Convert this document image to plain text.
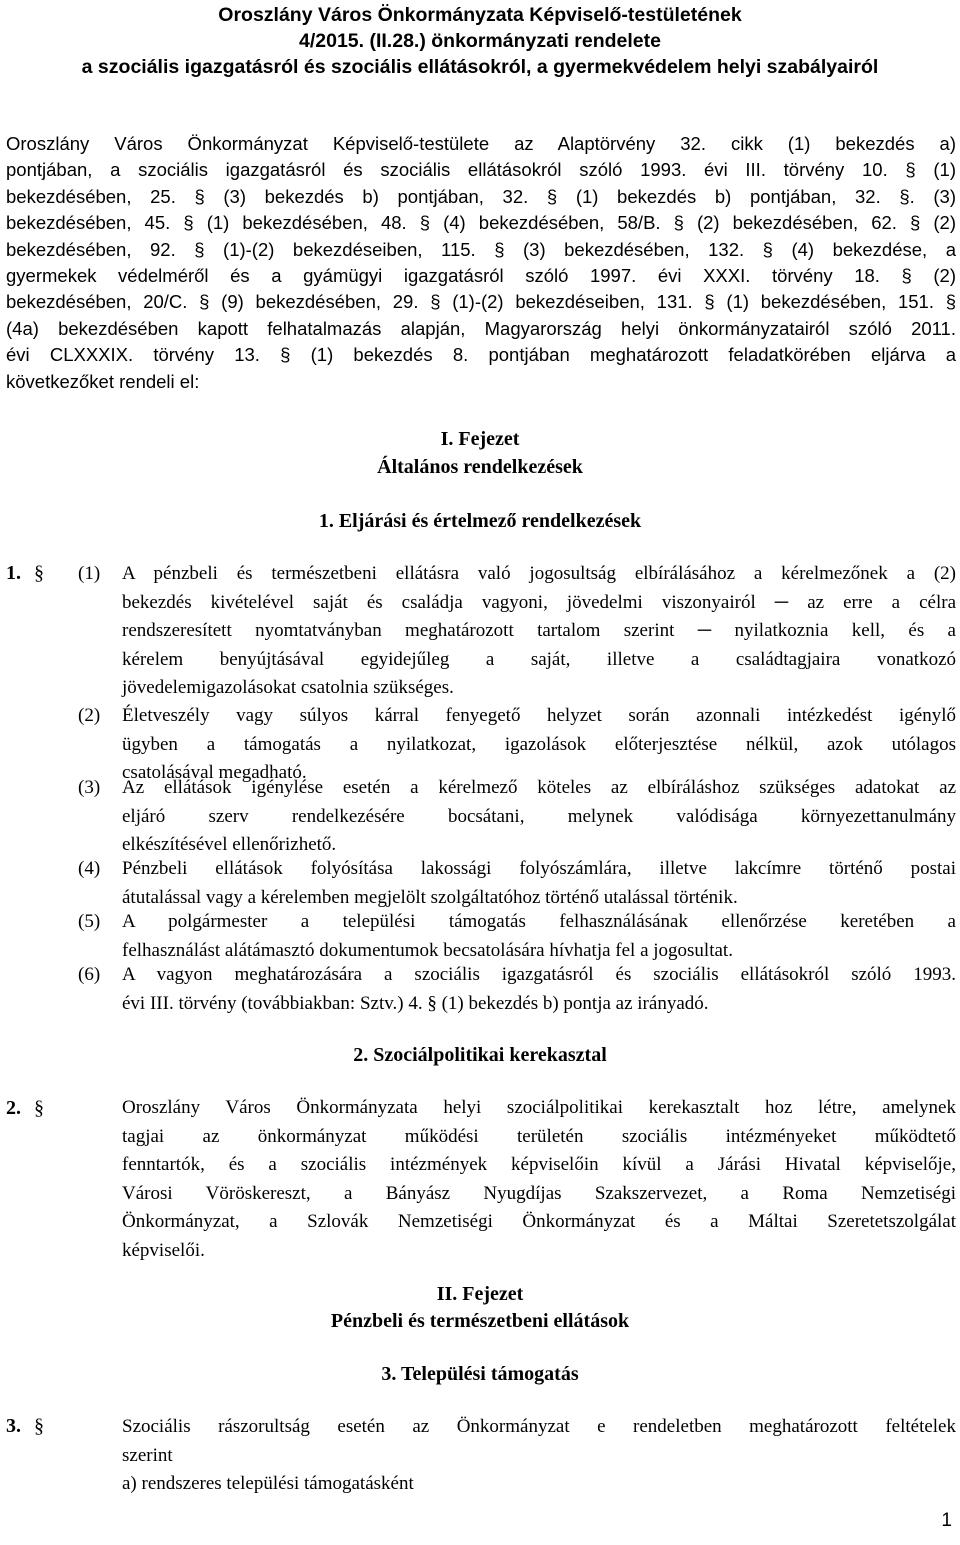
Oroszlány Város Önkormányzata Képviselő-testületének
4/2015. (II.28.) önkormányzati rendelete
a szociális igazgatásról és szociális ellátásokról, a gyermekvédelem helyi szabályairól
Oroszlány Város Önkormányzat Képviselő-testülete az Alaptörvény 32. cikk (1) bekezdés a)
pontjában, a szociális igazgatásról és szociális ellátásokról szóló 1993. évi III. törvény 10. § (1)
bekezdésében, 25. § (3) bekezdés b) pontjában, 32. § (1) bekezdés b) pontjában, 32. §. (3)
bekezdésében, 45. § (1) bekezdésében, 48. § (4) bekezdésében, 58/B. § (2) bekezdésében, 62. § (2)
bekezdésében, 92. § (1)-(2) bekezdéseiben, 115. § (3) bekezdésében, 132. § (4) bekezdése, a
gyermekek védelméről és a gyámügyi igazgatásról szóló 1997. évi XXXI. törvény 18. § (2)
bekezdésében, 20/C. § (9) bekezdésében, 29. § (1)-(2) bekezdéseiben, 131. § (1) bekezdésében, 151. §
(4a) bekezdésében kapott felhatalmazás alapján, Magyarország helyi önkormányzatairól szóló 2011.
évi CLXXXIX. törvény 13. § (1) bekezdés 8. pontjában meghatározott feladatkörében eljárva a
következőket rendeli el:
I. Fejezet
Általános rendelkezések
1. Eljárási és értelmező rendelkezések
1. § (1) A pénzbeli és természetbeni ellátásra való jogosultság elbírálásához a kérelmezőnek a (2)
bekezdés kivételével saját és családja vagyoni, jövedelmi viszonyairól ─ az erre a célra
rendszeresített nyomtatványban meghatározott tartalom szerint ─ nyilatkoznia kell, és a
kérelem benyújtásával egyidejűleg a saját, illetve a családtagjaira vonatkozó
jövedelemigazolásokat csatolnia szükséges.
(2) Életveszély vagy súlyos kárral fenyegető helyzet során azonnali intézkedést igénylő
ügyben a támogatás a nyilatkozat, igazolások előterjesztése nélkül, azok utólagos
csatolásával megadható.
(3) Az ellátások igénylése esetén a kérelmező köteles az elbíráláshoz szükséges adatokat az
eljáró szerv rendelkezésére bocsátani, melynek valódisága környezettanulmány
elkészítésével ellenőrizhető.
(4) Pénzbeli ellátások folyósítása lakossági folyószámlára, illetve lakcímre történő postai
átutalással vagy a kérelemben megjelölt szolgáltatóhoz történő utalással történik.
(5) A polgármester a települési támogatás felhasználásának ellenőrzése keretében a
felhasználást alátámasztó dokumentumok becsatolására hívhatja fel a jogosultat.
(6) A vagyon meghatározására a szociális igazgatásról és szociális ellátásokról szóló 1993.
évi III. törvény (továbbiakban: Sztv.) 4. § (1) bekezdés b) pontja az irányadó.
2. Szociálpolitikai kerekasztal
2. §	Oroszlány Város Önkormányzata helyi szociálpolitikai kerekasztalt hoz létre, amelynek
tagjai az önkormányzat működési területén szociális intézményeket működtető
fenntartók, és a szociális intézmények képviselőin kívül a Járási Hivatal képviselője,
Városi Vöröskereszt, a Bányász Nyugdíjas Szakszervezet, a Roma Nemzetiségi
Önkormányzat, a Szlovák Nemzetiségi Önkormányzat és a Máltai Szeretetszolgálat
képviselői.
II. Fejezet
Pénzbeli és természetbeni ellátások
3. Települési támogatás
3. §	Szociális rászorultság esetén az Önkormányzat e rendeletben meghatározott feltételek
szerint
a) rendszeres települési támogatásként
1
